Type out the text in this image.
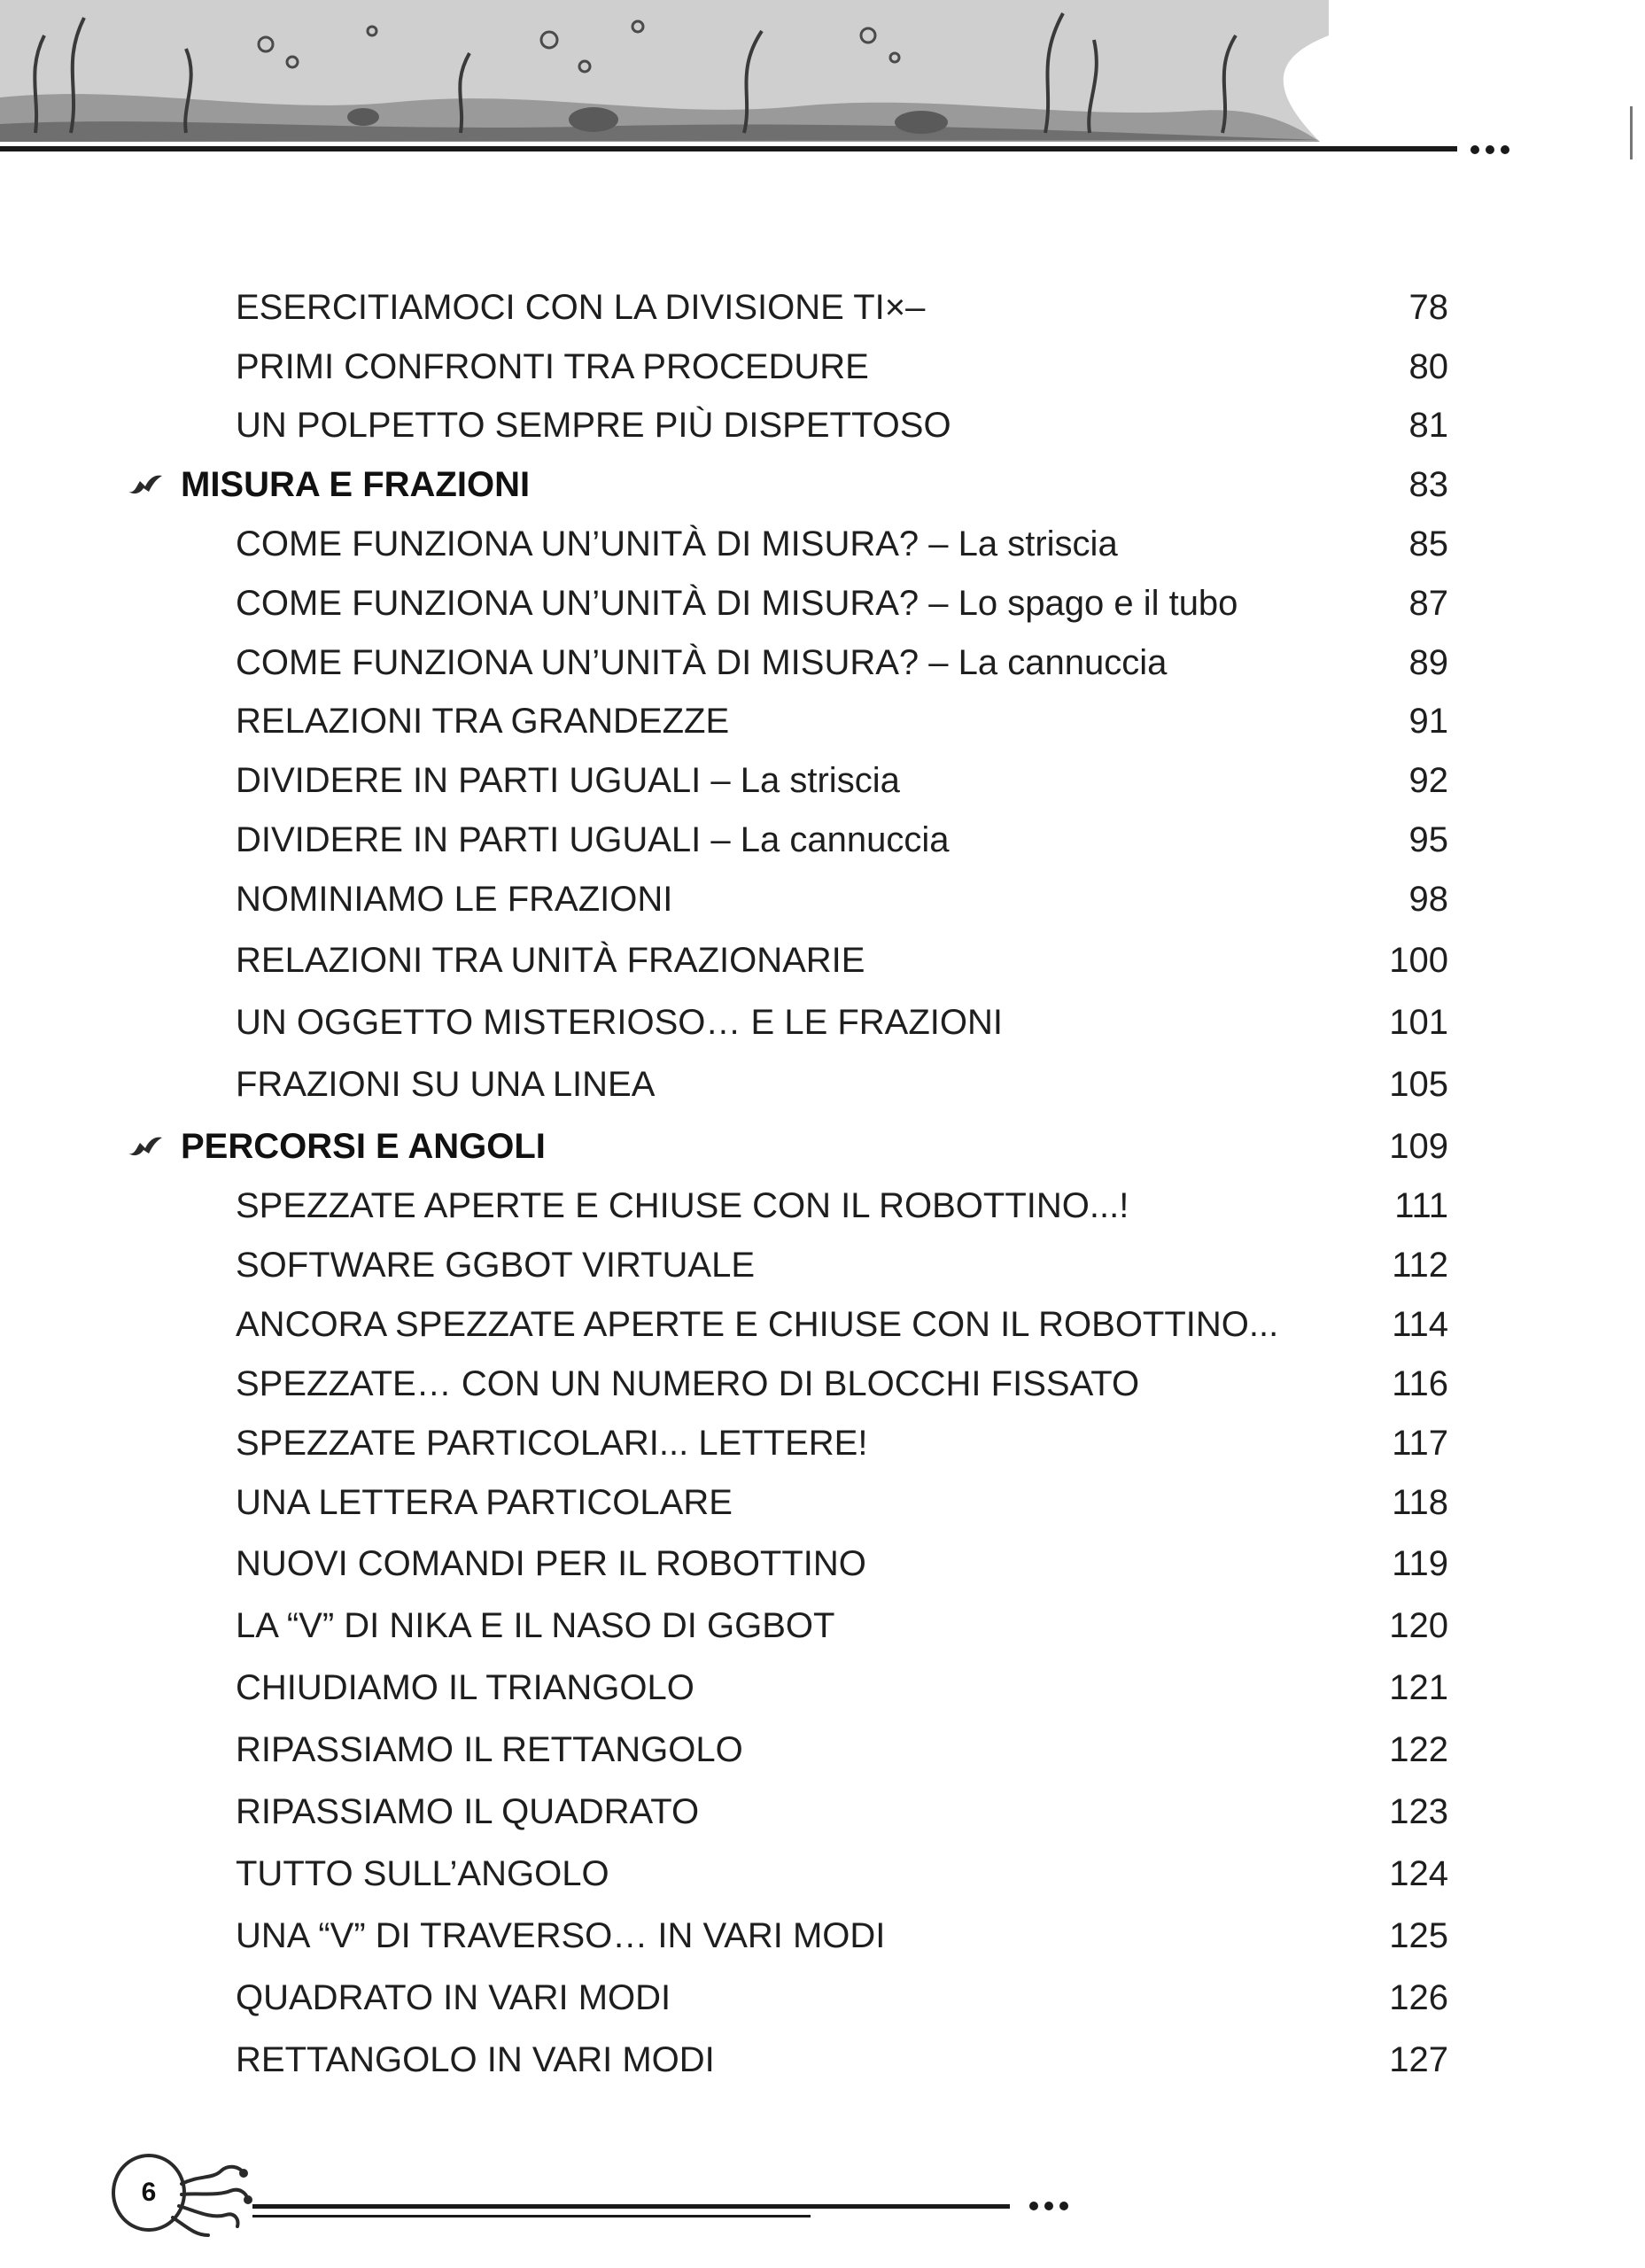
ESERCITIAMOCI CON LA DIVISIONE TI×–	78
PRIMI CONFRONTI TRA PROCEDURE	80
UN POLPETTO SEMPRE PIÙ DISPETTOSO	81
MISURA E FRAZIONI	83
COME FUNZIONA UN’UNITÀ DI MISURA? – La striscia	85
COME FUNZIONA UN’UNITÀ DI MISURA? – Lo spago e il tubo	87
COME FUNZIONA UN’UNITÀ DI MISURA? – La cannuccia	89
RELAZIONI TRA GRANDEZZE	91
DIVIDERE IN PARTI UGUALI – La striscia	92
DIVIDERE IN PARTI UGUALI – La cannuccia	95
NOMINIAMO LE FRAZIONI	98
RELAZIONI TRA UNITÀ FRAZIONARIE	100
UN OGGETTO MISTERIOSO… E LE FRAZIONI	101
FRAZIONI SU UNA LINEA	105
PERCORSI E ANGOLI	109
SPEZZATE APERTE E CHIUSE CON IL ROBOTTINO...!	111
SOFTWARE GGBOT VIRTUALE	112
ANCORA SPEZZATE APERTE E CHIUSE CON IL ROBOTTINO...	114
SPEZZATE… CON UN NUMERO DI BLOCCHI FISSATO	116
SPEZZATE PARTICOLARI... LETTERE!	117
UNA LETTERA PARTICOLARE	118
NUOVI COMANDI PER IL ROBOTTINO	119
LA “V” DI NIKA E IL NASO DI GGBOT	120
CHIUDIAMO IL TRIANGOLO	121
RIPASSIAMO IL RETTANGOLO	122
RIPASSIAMO IL QUADRATO	123
TUTTO SULL’ANGOLO	124
UNA “V” DI TRAVERSO… IN VARI MODI	125
QUADRATO IN VARI MODI	126
RETTANGOLO IN VARI MODI	127
6
